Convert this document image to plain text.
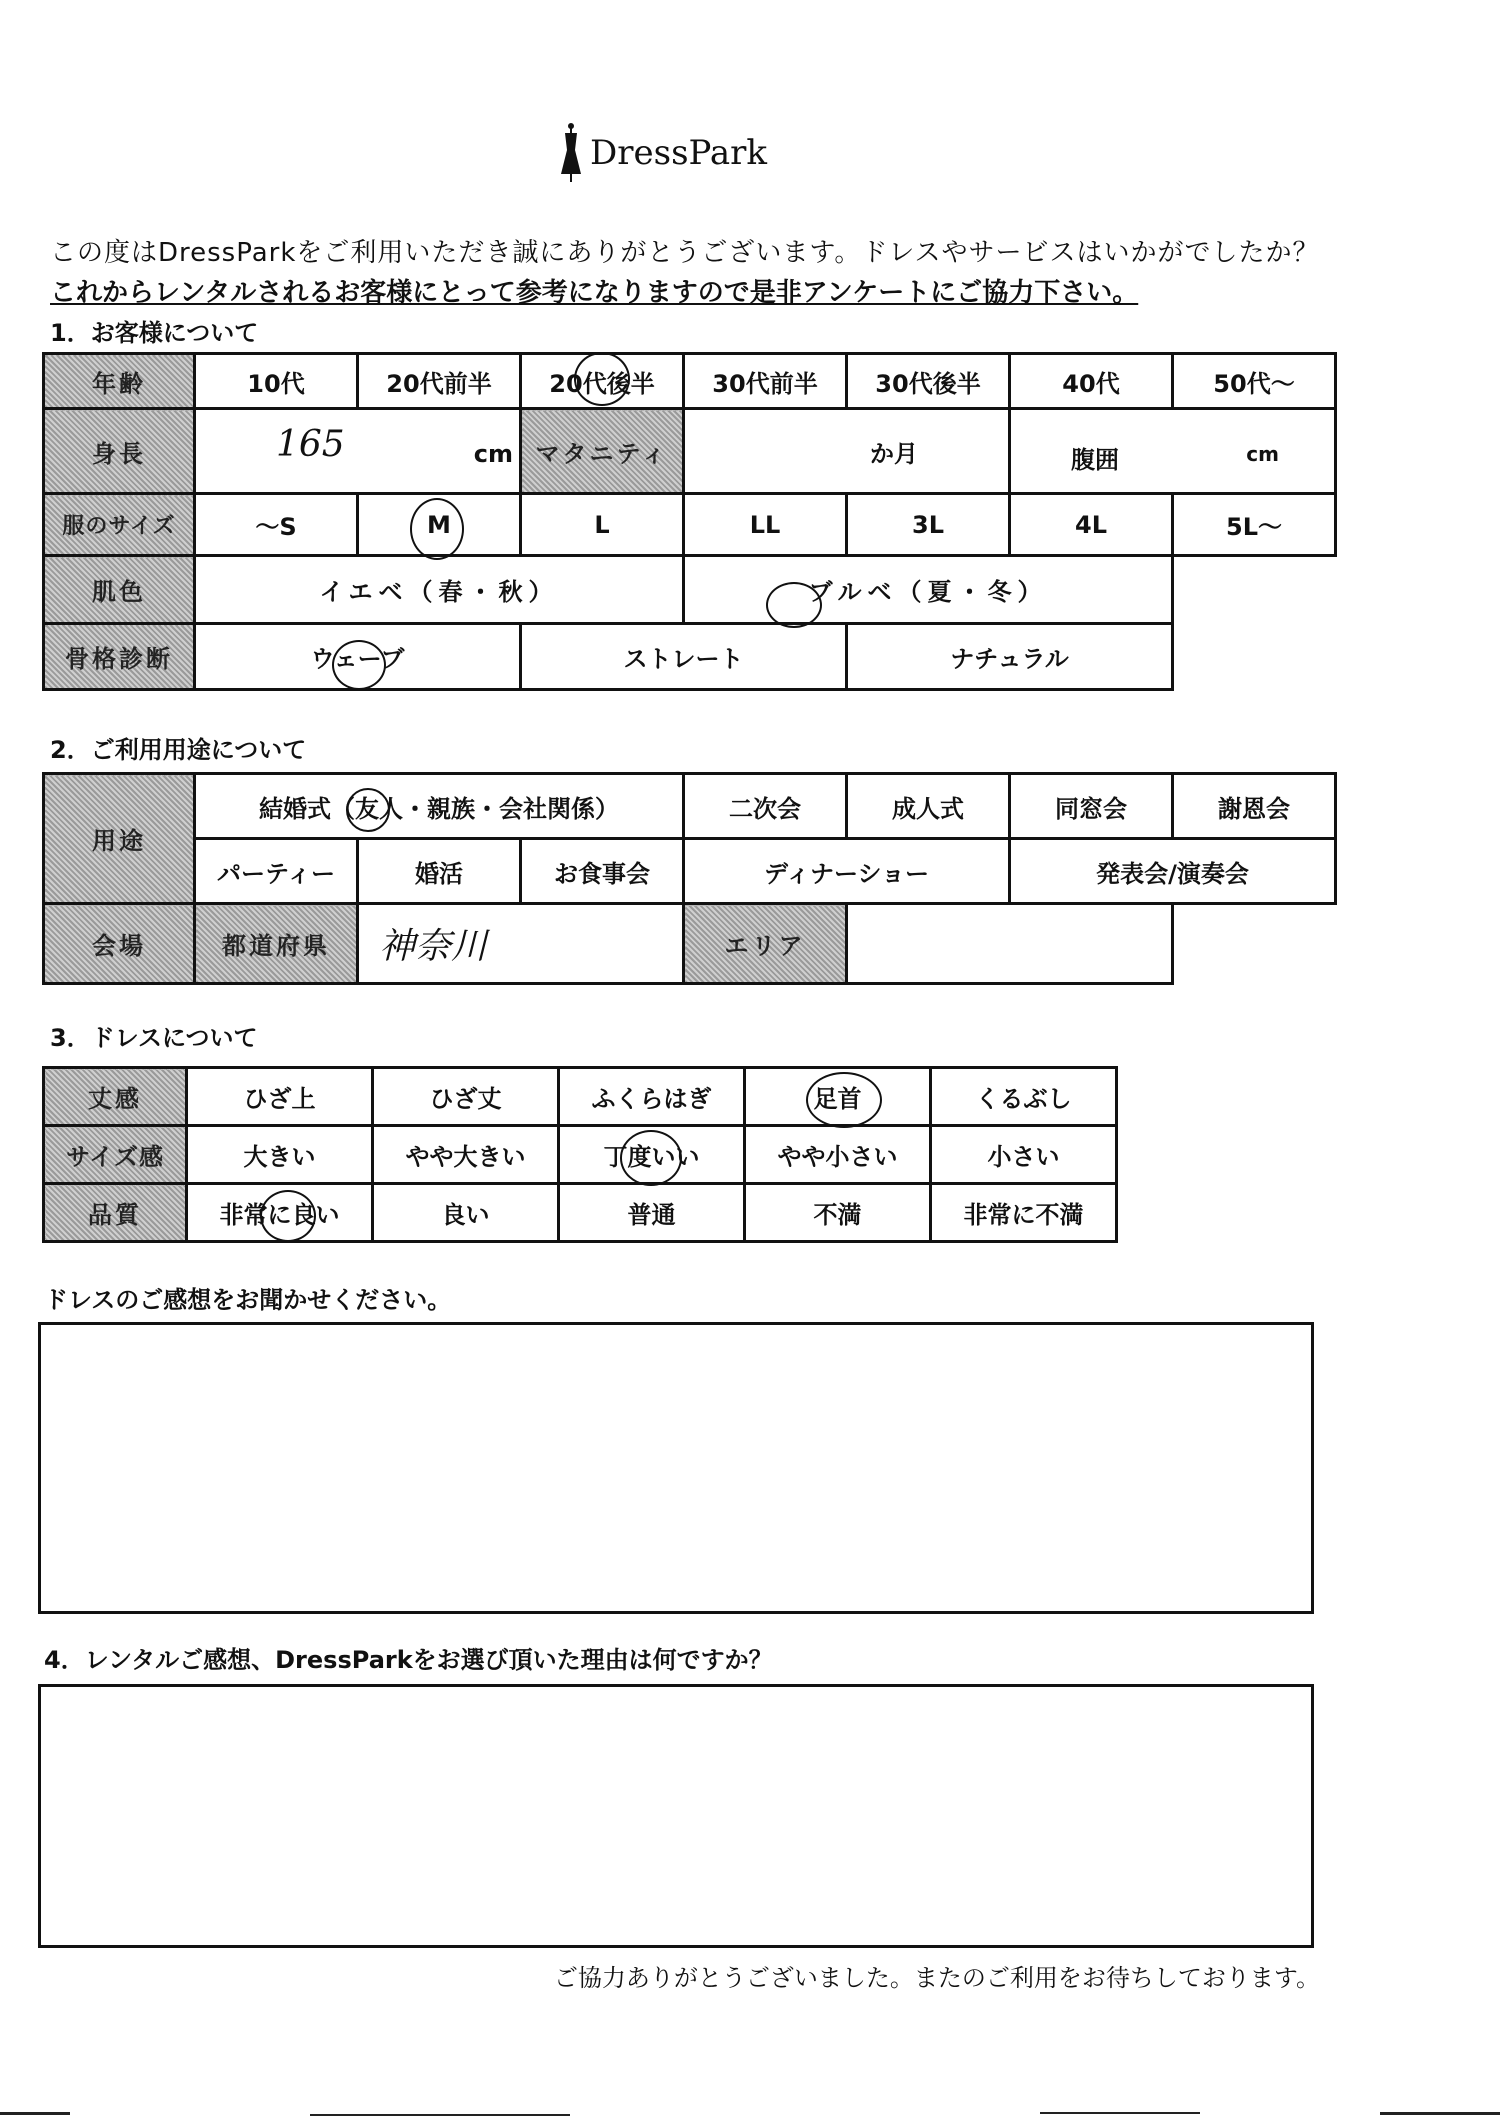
DressPark
この度はDressParkをご利用いただき誠にありがとうございます。ドレスやサービスはいかがでしたか？
これからレンタルされるお客様にとって参考になりますので是非アンケートにご協力下さい。
1．お客様について
年齢	10代	20代前半	20代後半	30代前半	30代後半	40代	50代～
身長	165 cm		マタニティ	か月		腹囲 cm	

服のサイズ	～S	M	L	LL	3L	4L	5L～
肌色	イエベ（春・秋）			ブルベ（夏・冬）			
骨格診断	ウェーブ		ストレート		ナチュラル		
2．ご利用用途について
用途	結婚式（友人・親族・会社関係）			二次会	成人式	同窓会	謝恩会
	パーティー	婚活	お食事会	ディナーショー		発表会/演奏会	
会場	都道府県	神奈川		エリア			
3．ドレスについて
丈感	ひざ上	ひざ丈	ふくらはぎ	足首	くるぶし
サイズ感	大きい	やや大きい	丁度いい	やや小さい	小さい
品質	非常に良い	良い	普通	不満	非常に不満
ドレスのご感想をお聞かせください。
4．レンタルご感想、DressParkをお選び頂いた理由は何ですか？
ご協力ありがとうございました。またのご利用をお待ちしております。
